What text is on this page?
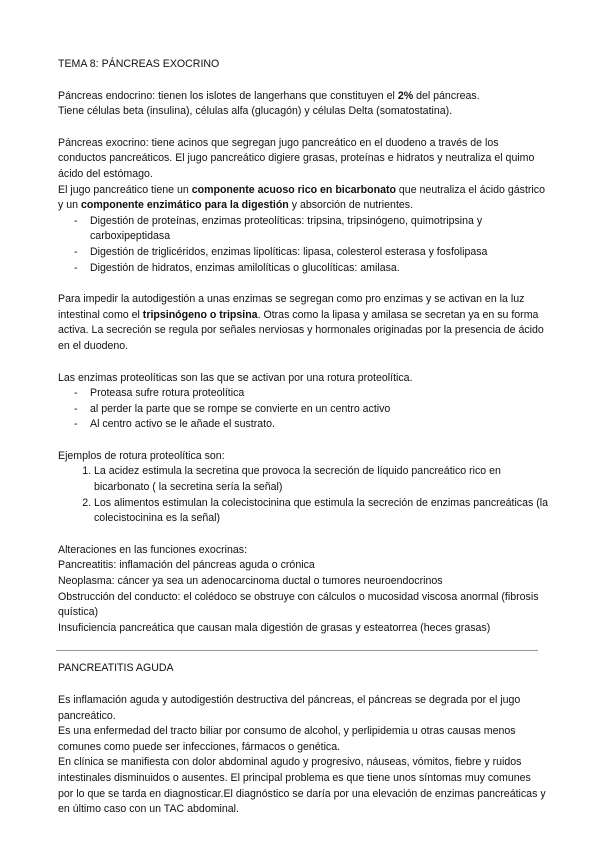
TEMA 8: PÁNCREAS EXOCRINO

Páncreas endocrino: tienen los islotes de langerhans que constituyen el 2% del páncreas.

Tiene células beta (insulina), células alfa (glucagón) y células Delta (somatostatina).

Páncreas exocrino: tiene acinos que segregan jugo pancreático en el duodeno a través de los conductos pancreáticos. El jugo pancreático digiere grasas, proteínas e hidratos y neutraliza el quimo ácido del estómago.

El jugo pancreático tiene un componente acuoso rico en bicarbonato que neutraliza el ácido gástrico y un componente enzimático para la digestión y absorción de nutrientes.

- Digestión de proteínas, enzimas proteolíticas: tripsina, tripsinógeno, quimotripsina y carboxipeptidasa
- Digestión de triglicéridos, enzimas lipolíticas: lipasa, colesterol esterasa y fosfolipasa
- Digestión de hidratos, enzimas amilolíticas o glucolíticas: amilasa.

Para impedir la autodigestión a unas enzimas se segregan como pro enzimas y se activan en la luz intestinal como el tripsinógeno o tripsina. Otras como la lipasa y amilasa se secretan ya en su forma activa. La secreción se regula por señales nerviosas y hormonales originadas por la presencia de ácido en el duodeno.

Las enzimas proteolíticas son las que se activan por una rotura proteolítica.

- Proteasa sufre rotura proteolítica
- al perder la parte que se rompe se convierte en un centro activo
- Al centro activo se le añade el sustrato.

Ejemplos de rotura proteolítica son:

1. La acidez estimula la secretina que provoca la secreción de líquido pancreático rico en bicarbonato ( la secretina sería la señal)
2. Los alimentos estimulan la colecistocinina que estimula la secreción de enzimas pancreáticas (la colecistocinina es la señal)

Alteraciones en las funciones exocrinas:

Pancreatitis: inflamación del páncreas aguda o crónica

Neoplasma: cáncer ya sea un adenocarcinoma ductal o tumores neuroendocrinos

Obstrucción del conducto: el colédoco se obstruye con cálculos o mucosidad viscosa anormal (fibrosis quística)

Insuficiencia pancreática que causan mala digestión de grasas y esteatorrea (heces grasas)

PANCREATITIS AGUDA

Es inflamación aguda y autodigestión destructiva del páncreas, el páncreas se degrada por el jugo pancreático.

Es una enfermedad del tracto biliar por consumo de alcohol, y perlipidemia u otras causas menos comunes como puede ser infecciones, fármacos o genética.

En clínica se manifiesta con dolor abdominal agudo y progresivo, náuseas, vómitos, fiebre y ruidos intestinales disminuidos o ausentes. El principal problema es que tiene unos síntomas muy comunes por lo que se tarda en diagnosticar.El diagnóstico se daría por una elevación de enzimas pancreáticas y en último caso con un TAC abdominal.
